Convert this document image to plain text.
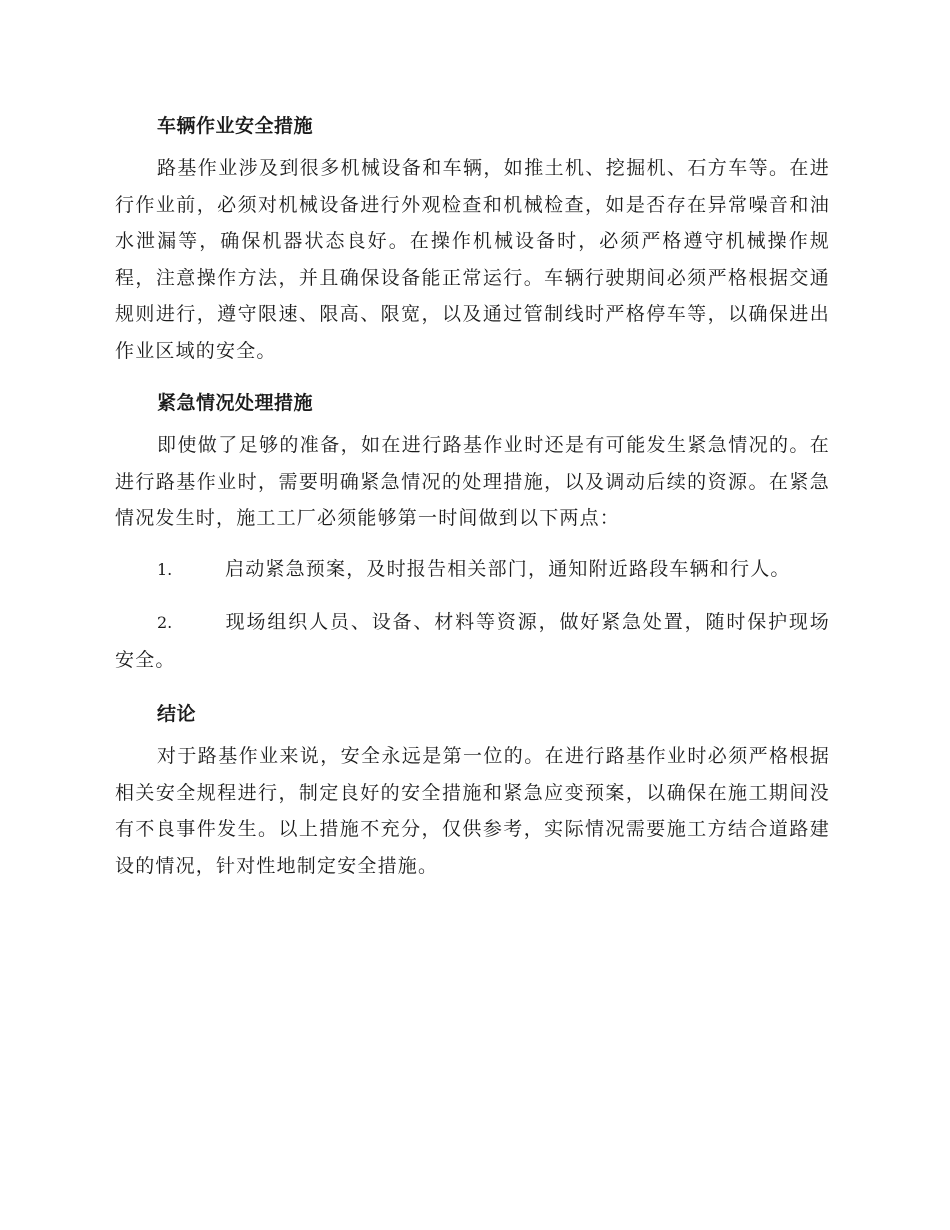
车辆作业安全措施

路基作业涉及到很多机械设备和车辆，如推土机、挖掘机、石方车等。在进行作业前，必须对机械设备进行外观检查和机械检查，如是否存在异常噪音和油水泄漏等，确保机器状态良好。在操作机械设备时，必须严格遵守机械操作规程，注意操作方法，并且确保设备能正常运行。车辆行驶期间必须严格根据交通规则进行，遵守限速、限高、限宽，以及通过管制线时严格停车等，以确保进出作业区域的安全。

紧急情况处理措施

即使做了足够的准备，如在进行路基作业时还是有可能发生紧急情况的。在进行路基作业时，需要明确紧急情况的处理措施，以及调动后续的资源。在紧急情况发生时，施工工厂必须能够第一时间做到以下两点：

1.	启动紧急预案，及时报告相关部门，通知附近路段车辆和行人。

2.	现场组织人员、设备、材料等资源，做好紧急处置，随时保护现场安全。

结论

对于路基作业来说，安全永远是第一位的。在进行路基作业时必须严格根据相关安全规程进行，制定良好的安全措施和紧急应变预案，以确保在施工期间没有不良事件发生。以上措施不充分，仅供参考，实际情况需要施工方结合道路建设的情况，针对性地制定安全措施。
